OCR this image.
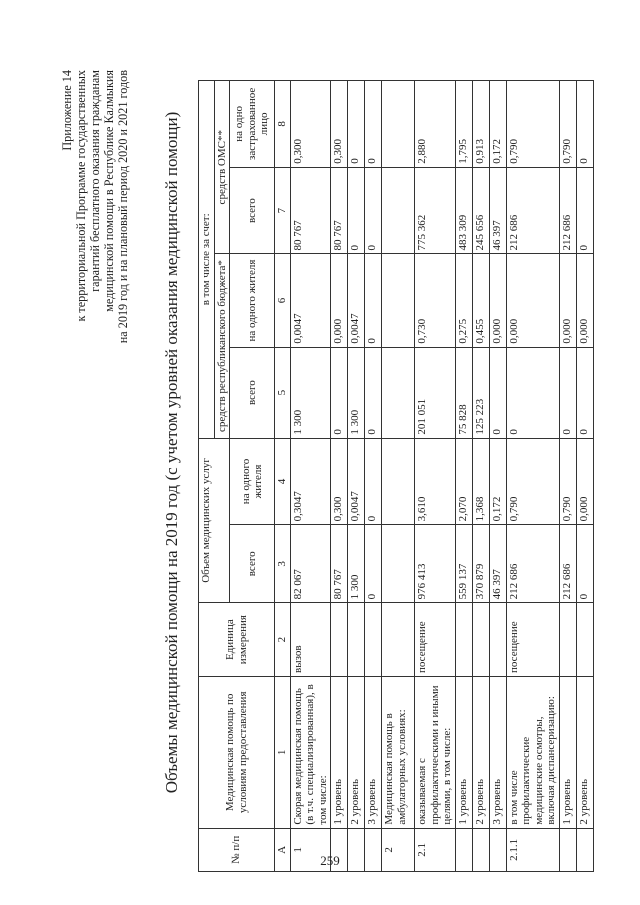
Приложение 14 к территориальной Программе государственных гарантий бесплатного оказания гражданам медицинской помощи в Республике Калмыкия на 2019 год и на плановый период 2020 и 2021 годов Объемы медицинской помощи на 2019 год (с учетом уровней оказания медицинской помощи)
№ п/п	Медицинская помощь по условиям предоставления	Единица измерения	Объем медицинских услуг		в том числе за счет:			
					средств республиканского бюджета*		средств ОМС**	
			всего	на одного жителя	всего	на одного жителя	всего	на одно застрахованное лицо
А	1	2	3	4	5	6	7	8
1	Скорая медицинская помощь (в т.ч. специализированная), в том числе:	вызов	82 067	0,3047	1 300	0,0047	80 767	0,300
	1 уровень		80 767	0,300	0	0,000	80 767	0,300
	2 уровень		1 300	0,0047	1 300	0,0047	0	0
	3 уровень		0	0	0	0	0	0
2	Медицинская помощь в амбулаторных условиях:							
2.1	оказываемая с профилактическими и иными целями, в том числе:	посещение	976 413	3,610	201 051	0,730	775 362	2,880
	1 уровень		559 137	2,070	75 828	0,275	483 309	1,795
	2 уровень		370 879	1,368	125 223	0,455	245 656	0,913
	3 уровень		46 397	0,172	0	0,000	46 397	0,172
2.1.1	в том числе профилактические медицинские осмотры, включая диспансеризацию:	посещение	212 686	0,790	0	0,000	212 686	0,790
	1 уровень		212 686	0,790	0	0,000	212 686	0,790
	2 уровень		0	0,000	0	0,000	0	0
259
